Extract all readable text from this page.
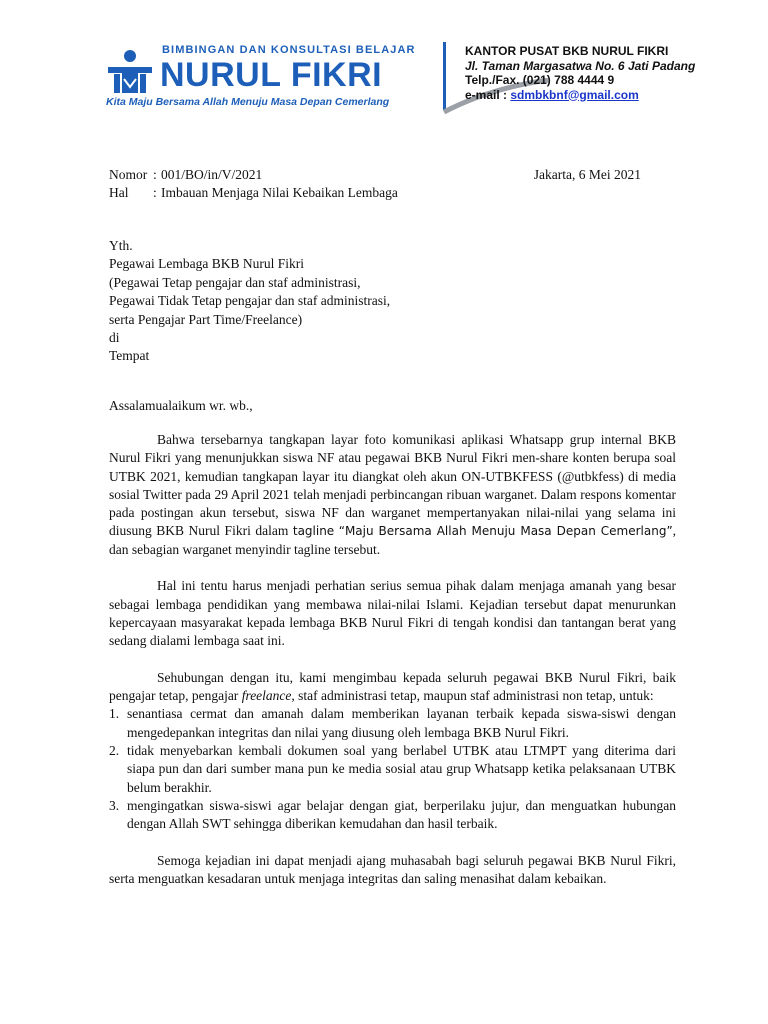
BIMBINGAN DAN KONSULTASI BELAJAR
NURUL FIKRI
Kita Maju Bersama Allah Menuju Masa Depan Cemerlang
KANTOR PUSAT BKB NURUL FIKRI
Jl. Taman Margasatwa No. 6 Jati Padang
Telp./Fax. (021) 788 4444 9
e-mail : sdmbkbnf@gmail.com
Nomor : 001/BO/in/V/2021	Jakarta, 6 Mei 2021
Hal	: Imbauan Menjaga Nilai Kebaikan Lembaga
Yth.
Pegawai Lembaga BKB Nurul Fikri
(Pegawai Tetap pengajar dan staf administrasi,
Pegawai Tidak Tetap pengajar dan staf administrasi,
serta Pengajar Part Time/Freelance)
di
Tempat
Assalamualaikum wr. wb.,

Bahwa tersebarnya tangkapan layar foto komunikasi aplikasi Whatsapp grup internal BKB Nurul Fikri yang menunjukkan siswa NF atau pegawai BKB Nurul Fikri men-share konten berupa soal UTBK 2021, kemudian tangkapan layar itu diangkat oleh akun ON-UTBKFESS (@utbkfess) di media sosial Twitter pada 29 April 2021 telah menjadi perbincangan ribuan warganet. Dalam respons komentar pada postingan akun tersebut, siswa NF dan warganet mempertanyakan nilai-nilai yang selama ini diusung BKB Nurul Fikri dalam tagline “Maju Bersama Allah Menuju Masa Depan Cemerlang”, dan sebagian warganet menyindir tagline tersebut.

Hal ini tentu harus menjadi perhatian serius semua pihak dalam menjaga amanah yang besar sebagai lembaga pendidikan yang membawa nilai-nilai Islami. Kejadian tersebut dapat menurunkan kepercayaan masyarakat kepada lembaga BKB Nurul Fikri di tengah kondisi dan tantangan berat yang sedang dialami lembaga saat ini.

Sehubungan dengan itu, kami mengimbau kepada seluruh pegawai BKB Nurul Fikri, baik pengajar tetap, pengajar freelance, staf administrasi tetap, maupun staf administrasi non tetap, untuk:

1. senantiasa cermat dan amanah dalam memberikan layanan terbaik kepada siswa-siswi dengan mengedepankan integritas dan nilai yang diusung oleh lembaga BKB Nurul Fikri.
2. tidak menyebarkan kembali dokumen soal yang berlabel UTBK atau LTMPT yang diterima dari siapa pun dan dari sumber mana pun ke media sosial atau grup Whatsapp ketika pelaksanaan UTBK belum berakhir.
3. mengingatkan siswa-siswi agar belajar dengan giat, berperilaku jujur, dan menguatkan hubungan dengan Allah SWT sehingga diberikan kemudahan dan hasil terbaik.

Semoga kejadian ini dapat menjadi ajang muhasabah bagi seluruh pegawai BKB Nurul Fikri, serta menguatkan kesadaran untuk menjaga integritas dan saling menasihat dalam kebaikan.
